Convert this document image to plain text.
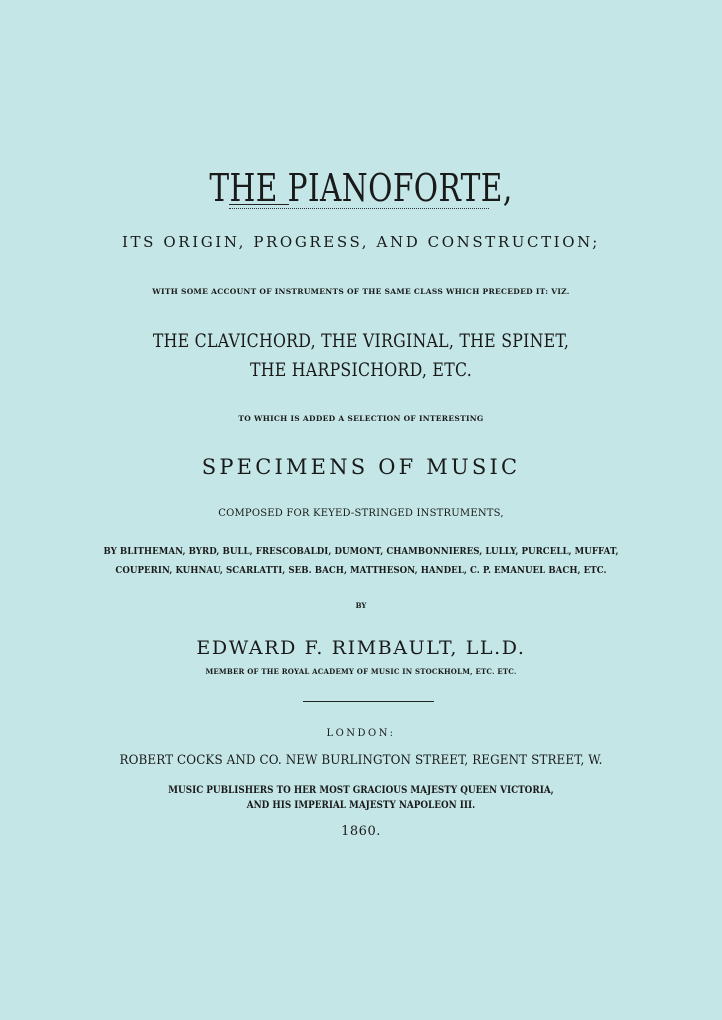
THE PIANOFORTE,
ITS ORIGIN, PROGRESS, AND CONSTRUCTION;
WITH SOME ACCOUNT OF INSTRUMENTS OF THE SAME CLASS WHICH PRECEDED IT: VIZ.
THE CLAVICHORD, THE VIRGINAL, THE SPINET,
THE HARPSICHORD, ETC.
TO WHICH IS ADDED A SELECTION OF INTERESTING
SPECIMENS OF MUSIC
COMPOSED FOR KEYED-STRINGED INSTRUMENTS,
BY BLITHEMAN, BYRD, BULL, FRESCOBALDI, DUMONT, CHAMBONNIERES, LULLY, PURCELL, MUFFAT,
COUPERIN, KUHNAU, SCARLATTI, SEB. BACH, MATTHESON, HANDEL, C. P. EMANUEL BACH, ETC.
BY
EDWARD F. RIMBAULT, LL.D.
MEMBER OF THE ROYAL ACADEMY OF MUSIC IN STOCKHOLM, ETC. ETC.
LONDON:
ROBERT COCKS AND CO. NEW BURLINGTON STREET, REGENT STREET, W.
MUSIC PUBLISHERS TO HER MOST GRACIOUS MAJESTY QUEEN VICTORIA,
AND HIS IMPERIAL MAJESTY NAPOLEON III.
1860.
